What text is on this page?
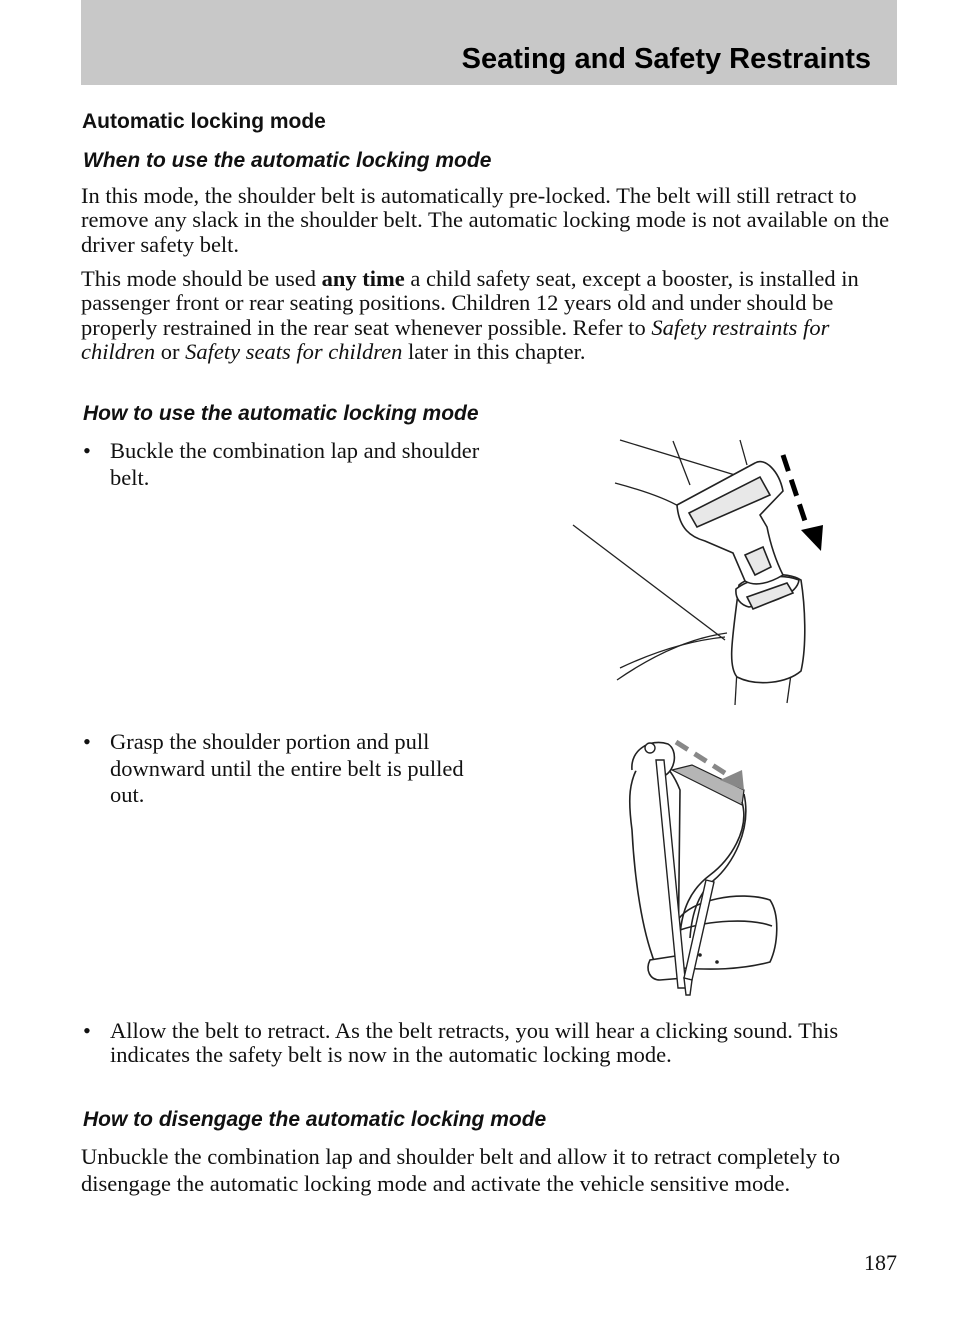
Seating and Safety Restraints
Automatic locking mode
When to use the automatic locking mode

In this mode, the shoulder belt is automatically pre-locked. The belt will still retract to remove any slack in the shoulder belt. The automatic locking mode is not available on the driver safety belt.

This mode should be used any time a child safety seat, except a booster, is installed in passenger front or rear seating positions. Children 12 years old and under should be properly restrained in the rear seat whenever possible. Refer to Safety restraints for children or Safety seats for children later in this chapter.

How to use the automatic locking mode

• Buckle the combination lap and shoulder belt.

• Grasp the shoulder portion and pull downward until the entire belt is pulled out.

• Allow the belt to retract. As the belt retracts, you will hear a clicking sound. This indicates the safety belt is now in the automatic locking mode.

How to disengage the automatic locking mode

Unbuckle the combination lap and shoulder belt and allow it to retract completely to disengage the automatic locking mode and activate the vehicle sensitive mode.

187
